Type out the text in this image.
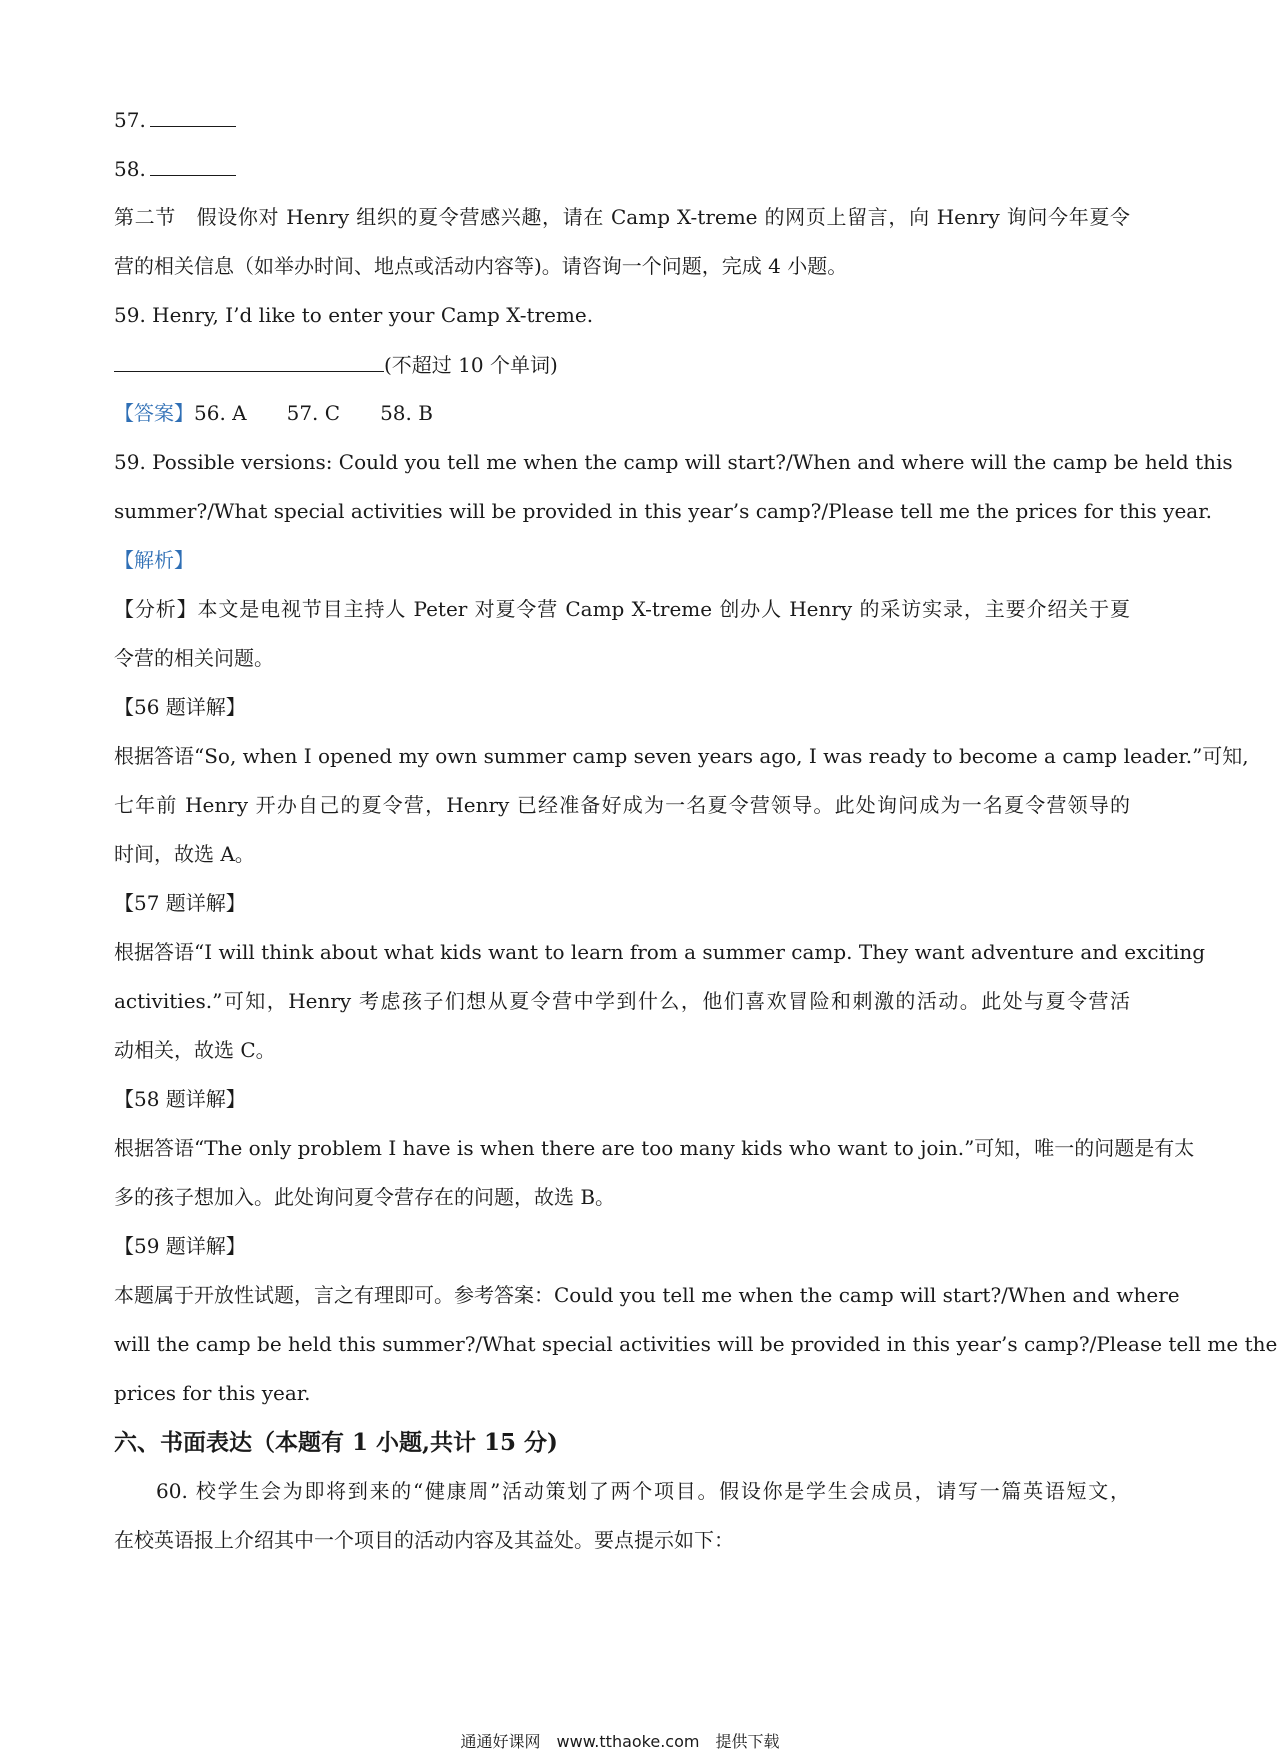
57.
58.
第二节　假设你对 Henry 组织的夏令营感兴趣，请在 Camp X-treme 的网页上留言，向 Henry 询问今年夏令
营的相关信息（如举办时间、地点或活动内容等)。请咨询一个问题，完成 4 小题。
59. Henry, I’d like to enter your Camp X-treme.
(不超过 10 个单词)
【答案】56. A 57. C 58. B
59. Possible versions: Could you tell me when the camp will start?/When and where will the camp be held this
summer?/What special activities will be provided in this year’s camp?/Please tell me the prices for this year.
【解析】
【分析】本文是电视节目主持人 Peter 对夏令营 Camp X-treme 创办人 Henry 的采访实录，主要介绍关于夏
令营的相关问题。
【56 题详解】
根据答语“So, when I opened my own summer camp seven years ago, I was ready to become a camp leader.”可知,
七年前 Henry 开办自己的夏令营，Henry 已经准备好成为一名夏令营领导。此处询问成为一名夏令营领导的
时间，故选 A。
【57 题详解】
根据答语“I will think about what kids want to learn from a summer camp. They want adventure and exciting
activities.”可知，Henry 考虑孩子们想从夏令营中学到什么，他们喜欢冒险和刺激的活动。此处与夏令营活
动相关，故选 C。
【58 题详解】
根据答语“The only problem I have is when there are too many kids who want to join.”可知，唯一的问题是有太
多的孩子想加入。此处询问夏令营存在的问题，故选 B。
【59 题详解】
本题属于开放性试题，言之有理即可。参考答案：Could you tell me when the camp will start?/When and where
will the camp be held this summer?/What special activities will be provided in this year’s camp?/Please tell me the
prices for this year.
六、书面表达（本题有 1 小题,共计 15 分)
60. 校学生会为即将到来的“健康周”活动策划了两个项目。假设你是学生会成员，请写一篇英语短文，
在校英语报上介绍其中一个项目的活动内容及其益处。要点提示如下：
通通好课网　www.tthaoke.com　提供下载
